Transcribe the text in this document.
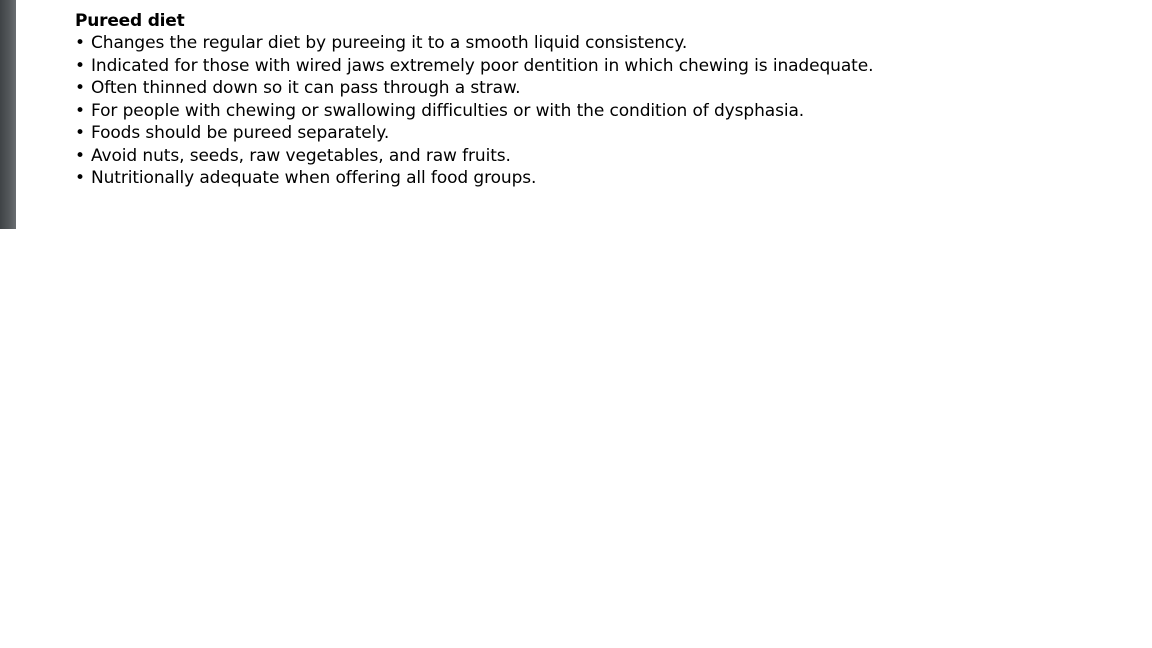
Pureed diet
• Changes the regular diet by pureeing it to a smooth liquid consistency.
• Indicated for those with wired jaws extremely poor dentition in which chewing is inadequate.
• Often thinned down so it can pass through a straw.
• For people with chewing or swallowing difficulties or with the condition of dysphasia.
• Foods should be pureed separately.
• Avoid nuts, seeds, raw vegetables, and raw fruits.
• Nutritionally adequate when offering all food groups.
